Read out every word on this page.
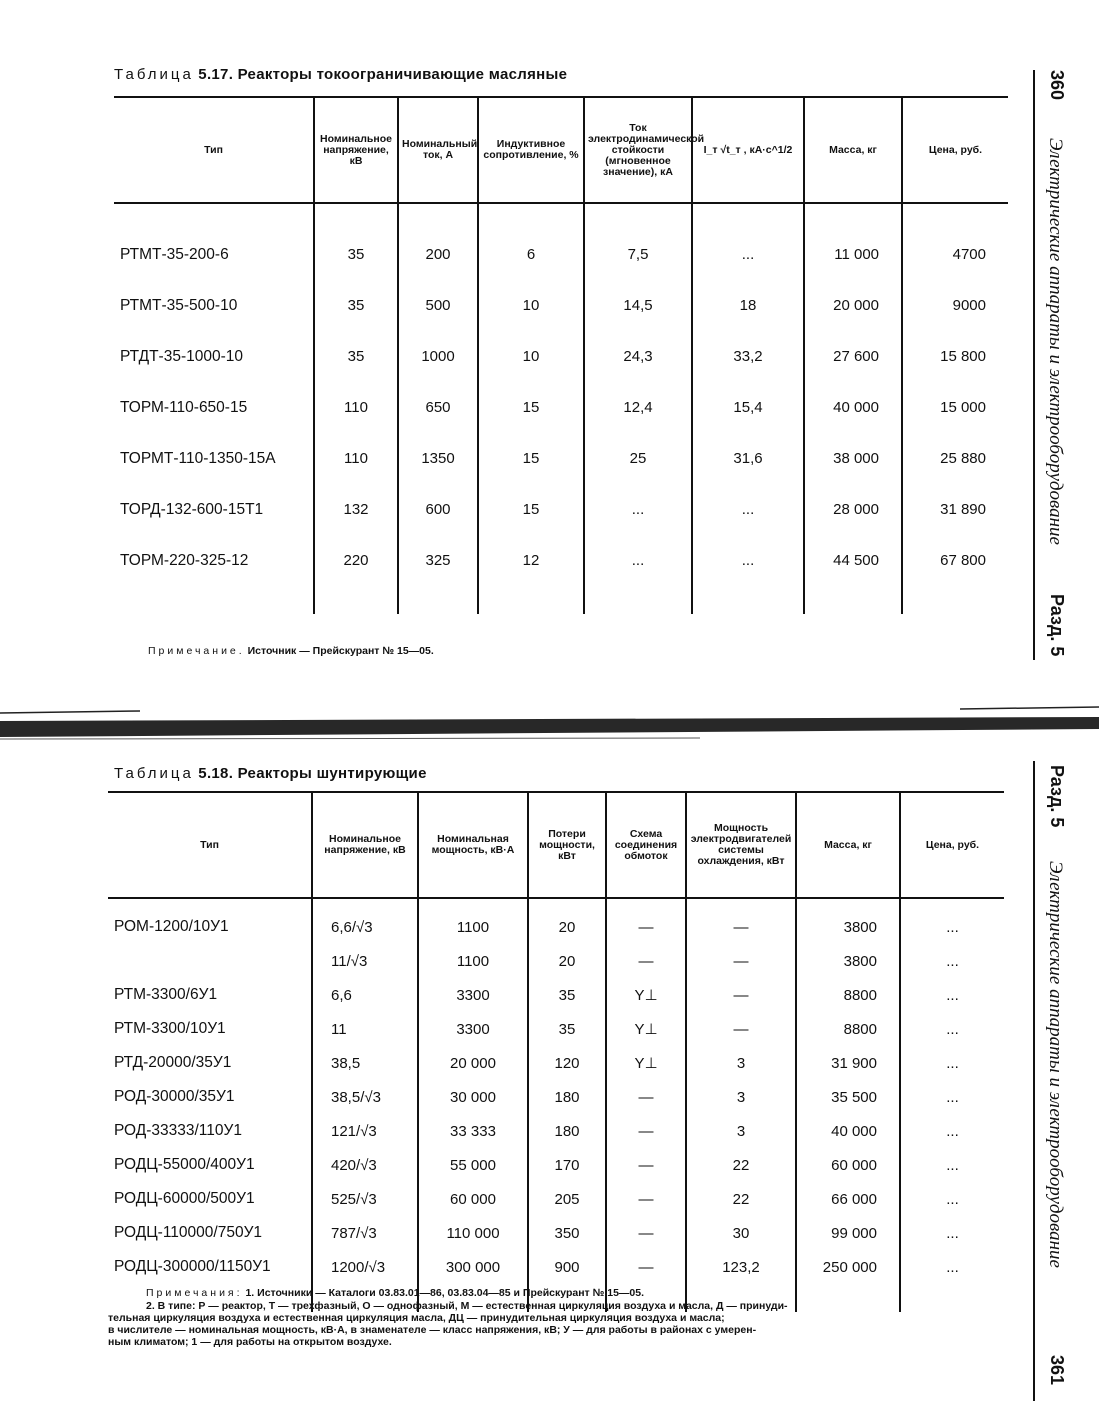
Таблица 5.17. Реакторы токоограничивающие масляные
Тип	Номинальное напряжение, кВ	Номинальный ток, А	Индуктивное сопротивление, %	Ток электродинамической стойкости (мгновенное значение), кА	I_т √t_т , кА·с^1/2	Масса, кг	Цена, руб.

РТМТ-35-200-6	35	200	6	7,5	...	11 000	4700
РТМТ-35-500-10	35	500	10	14,5	18	20 000	9000
РТДТ-35-1000-10	35	1000	10	24,3	33,2	27 600	15 800
ТОРМ-110-650-15	110	650	15	12,4	15,4	40 000	15 000
ТОРМТ-110-1350-15А	110	1350	15	25	31,6	38 000	25 880
ТОРД-132-600-15Т1	132	600	15	...	...	28 000	31 890
ТОРМ-220-325-12	220	325	12	...	...	44 500	67 800

Примечание. Источник — Прейскурант № 15—05.
360
Электрические аппараты и электрооборудование
Разд. 5
Таблица 5.18. Реакторы шунтирующие
Тип	Номинальное напряжение, кВ	Номинальная мощность, кВ·А	Потери мощности, кВт	Схема соединения обмоток	Мощность электродвигателей системы охлаждения, кВт	Масса, кг	Цена, руб.

РОМ-1200/10У1	6,6/√3	1100	20	—	—	3800	...
	11/√3	1100	20	—	—	3800	...
РТМ-3300/6У1	6,6	3300	35	Y⊥	—	8800	...
РТМ-3300/10У1	11	3300	35	Y⊥	—	8800	...
РТД-20000/35У1	38,5	20 000	120	Y⊥	3	31 900	...
РОД-30000/35У1	38,5/√3	30 000	180	—	3	35 500	...
РОД-33333/110У1	121/√3	33 333	180	—	3	40 000	...
РОДЦ-55000/400У1	420/√3	55 000	170	—	22	60 000	...
РОДЦ-60000/500У1	525/√3	60 000	205	—	22	66 000	...
РОДЦ-110000/750У1	787/√3	110 000	350	—	30	99 000	...
РОДЦ-300000/1150У1	1200/√3	300 000	900	—	123,2	250 000	...

Примечания: 1. Источники — Каталоги 03.83.01—86, 03.83.04—85 и Прейскурант № 15—05.
2. В типе: Р — реактор, Т — трехфазный, О — однофазный, М — естественная циркуляция воздуха и масла, Д — принуди-
тельная циркуляция воздуха и естественная циркуляция масла, ДЦ — принудительная циркуляция воздуха и масла;
в числителе — номинальная мощность, кВ·А, в знаменателе — класс напряжения, кВ; У — для работы в районах с умерен-
ным климатом; 1 — для работы на открытом воздухе.
Разд. 5
Электрические аппараты и электрооборудование
361
